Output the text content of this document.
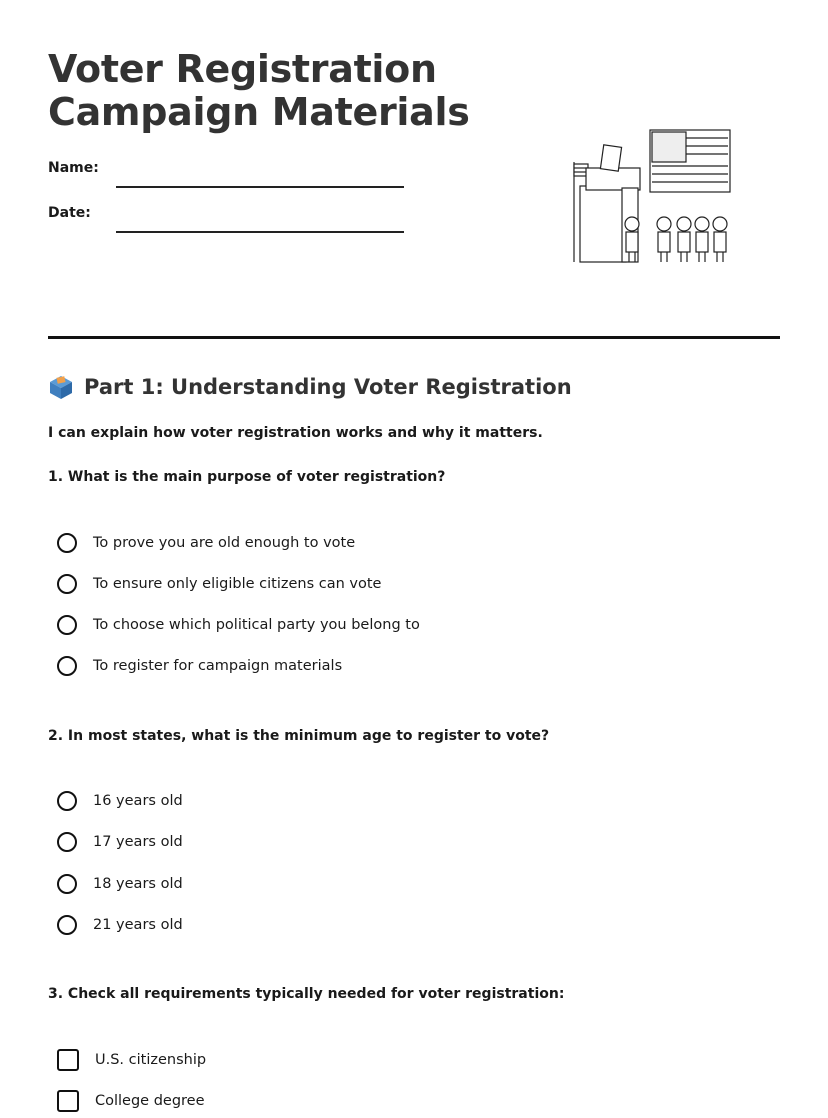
Voter Registration
Campaign Materials
Name:
Date:
Part 1: Understanding Voter Registration

I can explain how voter registration works and why it matters.

1. What is the main purpose of voter registration?

To prove you are old enough to vote
To ensure only eligible citizens can vote
To choose which political party you belong to
To register for campaign materials

2. In most states, what is the minimum age to register to vote?

16 years old
17 years old
18 years old
21 years old

3. Check all requirements typically needed for voter registration:

U.S. citizenship
College degree
